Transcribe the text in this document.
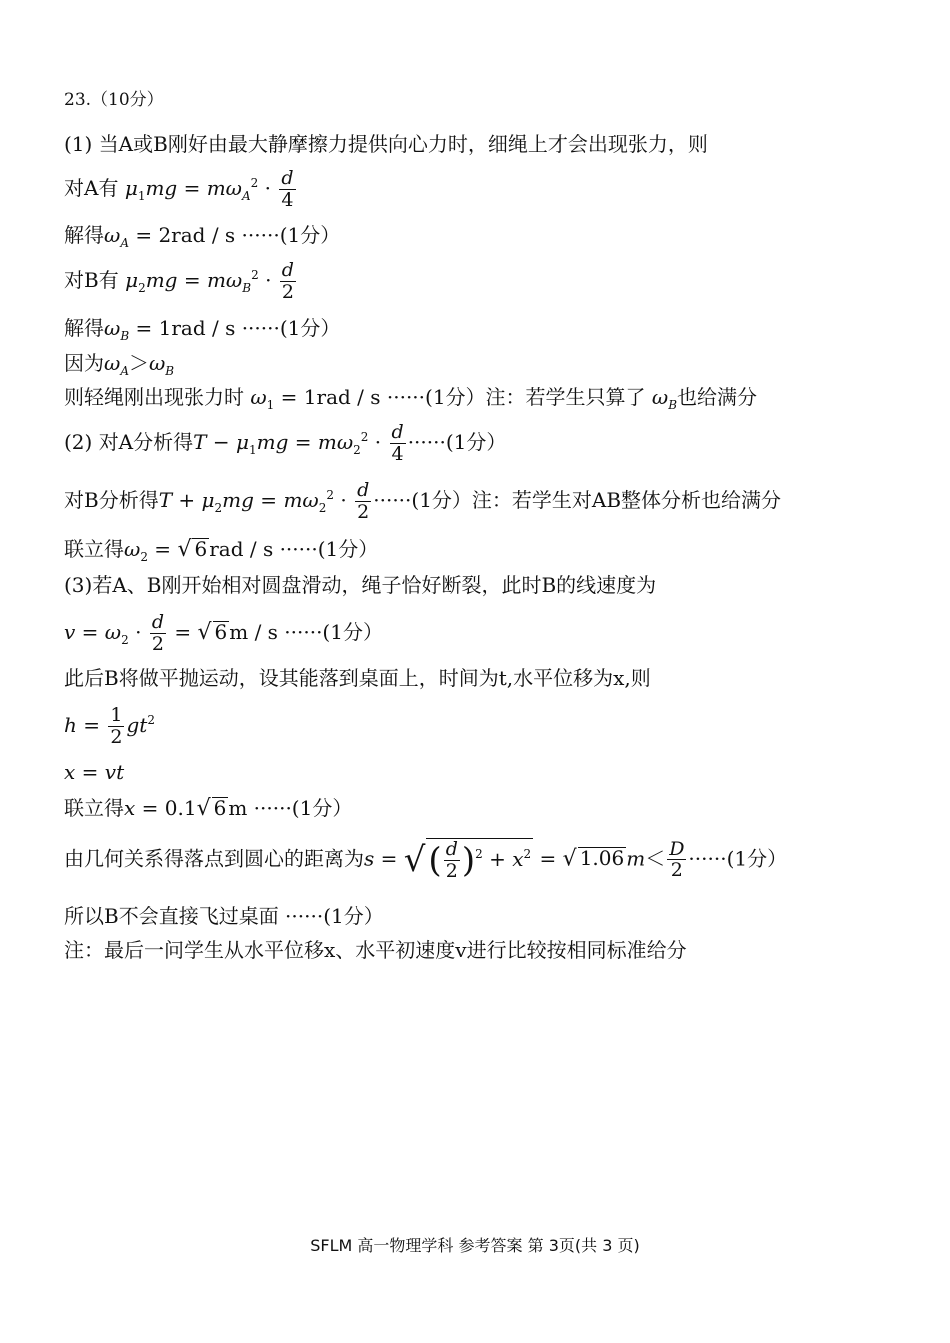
23.（10分）
(1) 当A或B刚好由最大静摩擦力提供向心力时，细绳上才会出现张力，则
对A有 $\mu_1mg = m\omega_A^2 \cdot \frac{d}{4}$
解得$\omega_A = 2rad / s \cdot\cdot\cdot\cdot\cdot\cdot(1$分）
对B有 $\mu_2mg = m\omega_B^2 \cdot \frac{d}{2}$
解得$\omega_B = 1rad / s \cdot\cdot\cdot\cdot\cdot\cdot(1$分）
因为$\omega_A>\omega_B$
则轻绳刚出现张力时 $\omega_1 = 1rad / s \cdot\cdot\cdot\cdot\cdot\cdot(1$分）注：若学生只算了 $\omega_B$也给满分
(2) 对A分析得$T - \mu_1mg = m\omega_2^2 \cdot \frac{d}{4} \cdot\cdot\cdot\cdot\cdot\cdot(1$分）
对B分析得$T + \mu_2mg = m\omega_2^2 \cdot \frac{d}{2} \cdot\cdot\cdot\cdot\cdot\cdot(1$分）注：若学生对AB整体分析也给满分
联立得$\omega_2$ = √ 6 rad / s ······(1分）
(3)若A、B刚开始相对圆盘滑动，绳子恰好断裂，此时B的线速度为
$v = \omega_2 \cdot \frac{d}{2}$ = √ 6 m / s ······(1分）
此后B将做平抛运动，设其能落到桌面上，时间为t,水平位移为x,则
$h = \frac{1}{2} gt^2$
x = vt
联立得x = 0.1√ 6 m ······(1分）
由几何关系得落点到圆心的距离为s = √( $\frac{d}{2} )^2 + x^2$ = √ 1.06 $m< \frac{D}{2} \cdot\cdot\cdot\cdot\cdot\cdot(1$分）
所以B不会直接飞过桌面 ······(1分）
注：最后一问学生从水平位移x、水平初速度v进行比较按相同标准给分
SFLM 高一物理学科 参考答案 第 3页(共 3 页)
